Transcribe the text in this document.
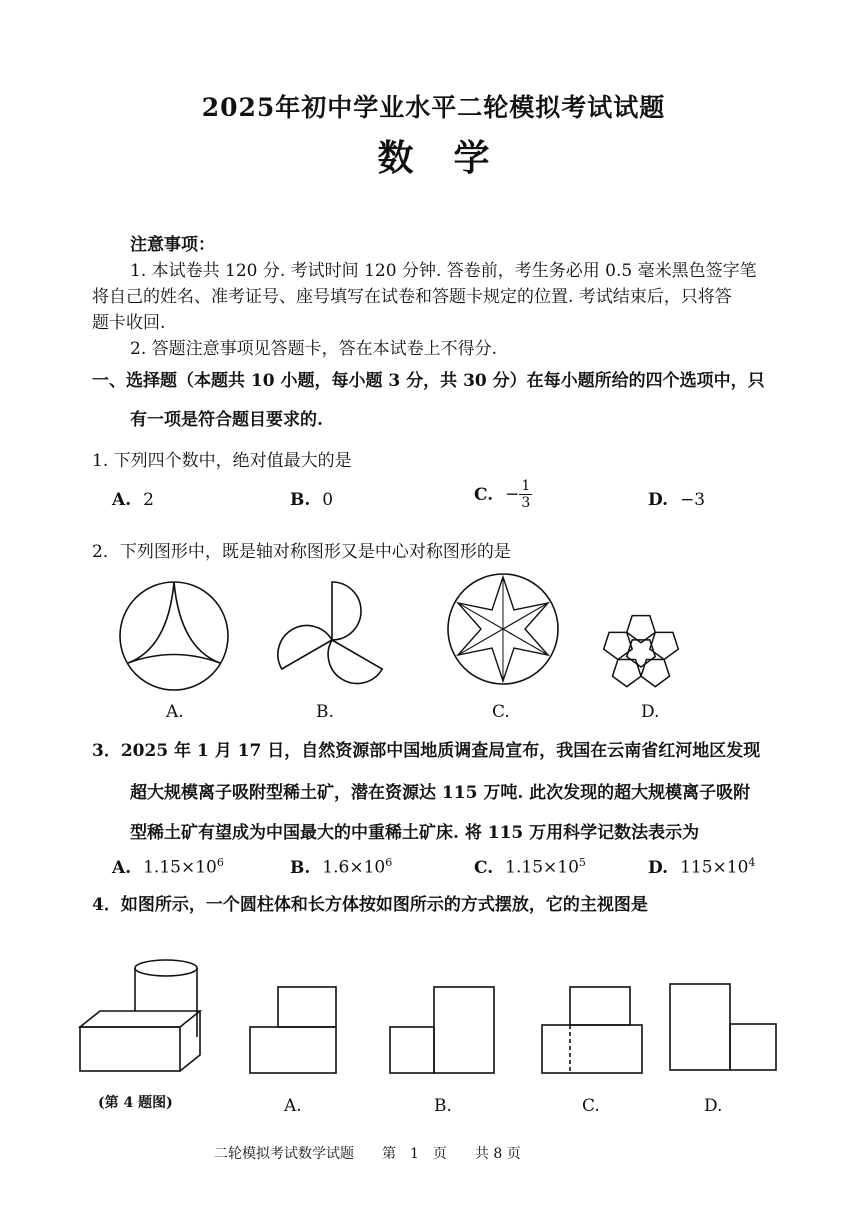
2025年初中学业水平二轮模拟考试试题
数学
注意事项：
1. 本试卷共 120 分. 考试时间 120 分钟. 答卷前，考生务必用 0.5 毫米黑色签字笔
将自己的姓名、准考证号、座号填写在试卷和答题卡规定的位置. 考试结束后，只将答
题卡收回.
2. 答题注意事项见答题卡，答在本试卷上不得分.
一、选择题（本题共 10 小题，每小题 3 分，共 30 分）在每小题所给的四个选项中，只
有一项是符合题目要求的.
1. 下列四个数中，绝对值最大的是
A. 2	B. 0	C. − $\frac{1}{3}$	D. −3
2．下列图形中，既是轴对称图形又是中心对称图形的是
A.	B.	C.	D.
3．2025 年 1 月 17 日，自然资源部中国地质调查局宣布，我国在云南省红河地区发现
超大规模离子吸附型稀土矿，潜在资源达 115 万吨. 此次发现的超大规模离子吸附
型稀土矿有望成为中国最大的中重稀土矿床. 将 115 万用科学记数法表示为
A. $1.15\times 10^6$	B. $1.6\times 10^6$	C. $1.15\times 10^5$	D. $115\times 10^4$
4．如图所示，一个圆柱体和长方体按如图所示的方式摆放，它的主视图是
(第 4 题图)	A.	B.	C.	D.
二轮模拟考试数学试题　　第　1　页　　共 8 页
